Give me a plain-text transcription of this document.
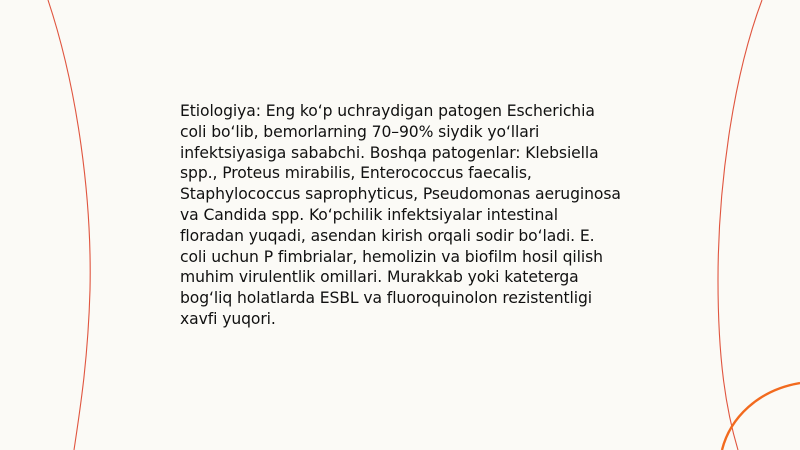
Etiologiya: Eng ko‘p uchraydigan patogen Escherichia coli bo‘lib, bemorlarning 70–90% siydik yo‘llari infektsiyasiga sababchi. Boshqa patogenlar: Klebsiella spp., Proteus mirabilis, Enterococcus faecalis, Staphylococcus saprophyticus, Pseudomonas aeruginosa va Candida spp. Ko‘pchilik infektsiyalar intestinal floradan yuqadi, asendan kirish orqali sodir bo‘ladi. E. coli uchun P fimbrialar, hemolizin va biofilm hosil qilish muhim virulentlik omillari. Murakkab yoki kateterga bog‘liq holatlarda ESBL va fluoroquinolon rezistentligi xavfi yuqori.
